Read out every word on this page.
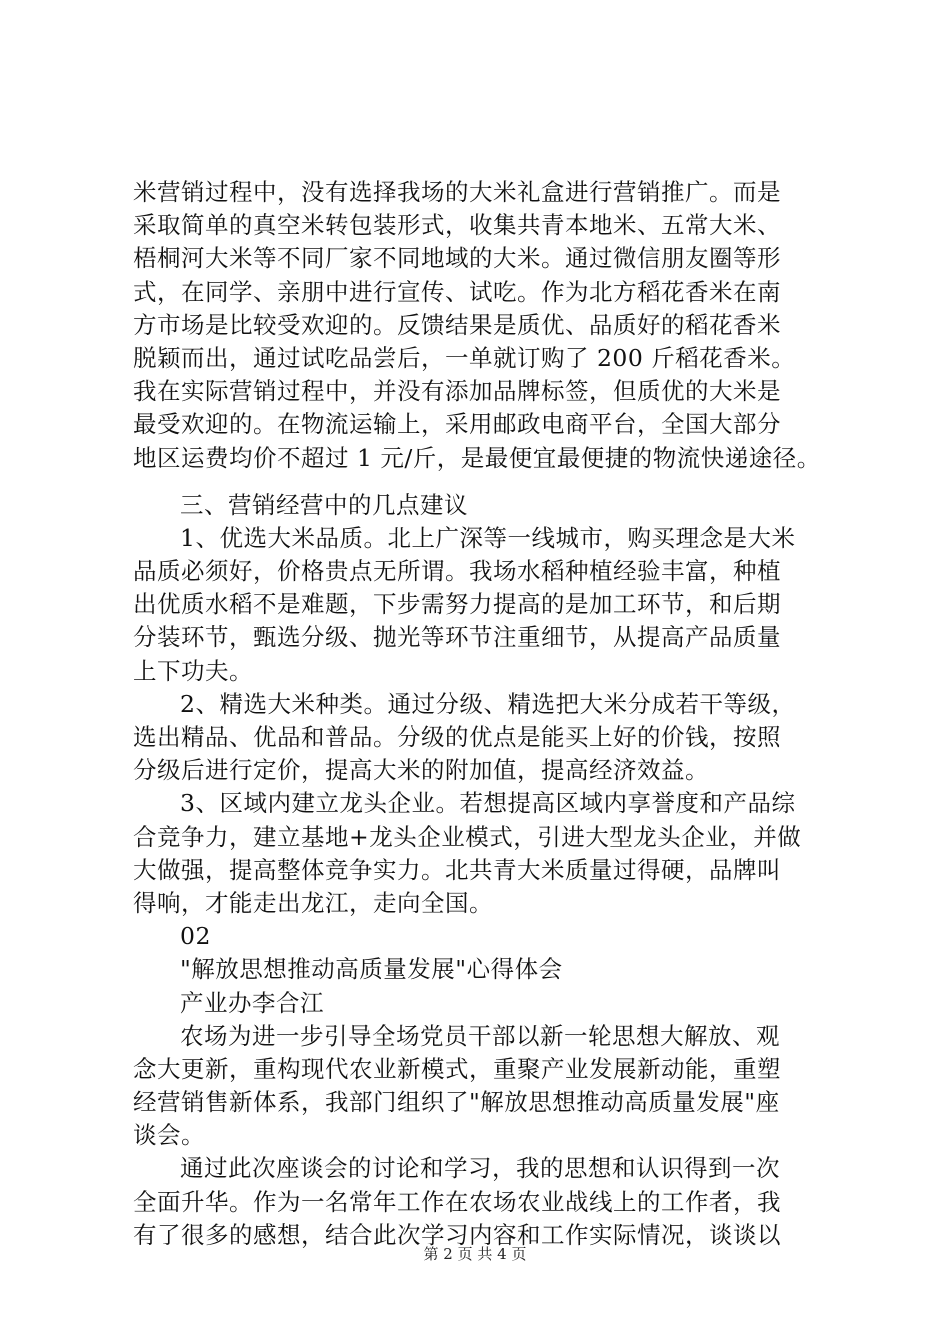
米营销过程中，没有选择我场的大米礼盒进行营销推广。而是
采取简单的真空米转包装形式，收集共青本地米、五常大米、
梧桐河大米等不同厂家不同地域的大米。通过微信朋友圈等形
式，在同学、亲朋中进行宣传、试吃。作为北方稻花香米在南
方市场是比较受欢迎的。反馈结果是质优、品质好的稻花香米
脱颖而出，通过试吃品尝后，一单就订购了 200 斤稻花香米。
我在实际营销过程中，并没有添加品牌标签，但质优的大米是
最受欢迎的。在物流运输上，采用邮政电商平台，全国大部分
地区运费均价不超过 1 元/斤，是最便宜最便捷的物流快递途径。
三、营销经营中的几点建议
1、优选大米品质。北上广深等一线城市，购买理念是大米
品质必须好，价格贵点无所谓。我场水稻种植经验丰富，种植
出优质水稻不是难题，下步需努力提高的是加工环节，和后期
分装环节，甄选分级、抛光等环节注重细节，从提高产品质量
上下功夫。
2、精选大米种类。通过分级、精选把大米分成若干等级，
选出精品、优品和普品。分级的优点是能买上好的价钱，按照
分级后进行定价，提高大米的附加值，提高经济效益。
3、区域内建立龙头企业。若想提高区域内享誉度和产品综
合竞争力，建立基地+龙头企业模式，引进大型龙头企业，并做
大做强，提高整体竞争实力。北共青大米质量过得硬，品牌叫
得响，才能走出龙江，走向全国。
02
"解放思想推动高质量发展"心得体会
产业办李合江
农场为进一步引导全场党员干部以新一轮思想大解放、观
念大更新，重构现代农业新模式，重聚产业发展新动能，重塑
经营销售新体系，我部门组织了"解放思想推动高质量发展"座
谈会。
通过此次座谈会的讨论和学习，我的思想和认识得到一次
全面升华。作为一名常年工作在农场农业战线上的工作者，我
有了很多的感想，结合此次学习内容和工作实际情况，谈谈以
第 2 页 共 4 页
